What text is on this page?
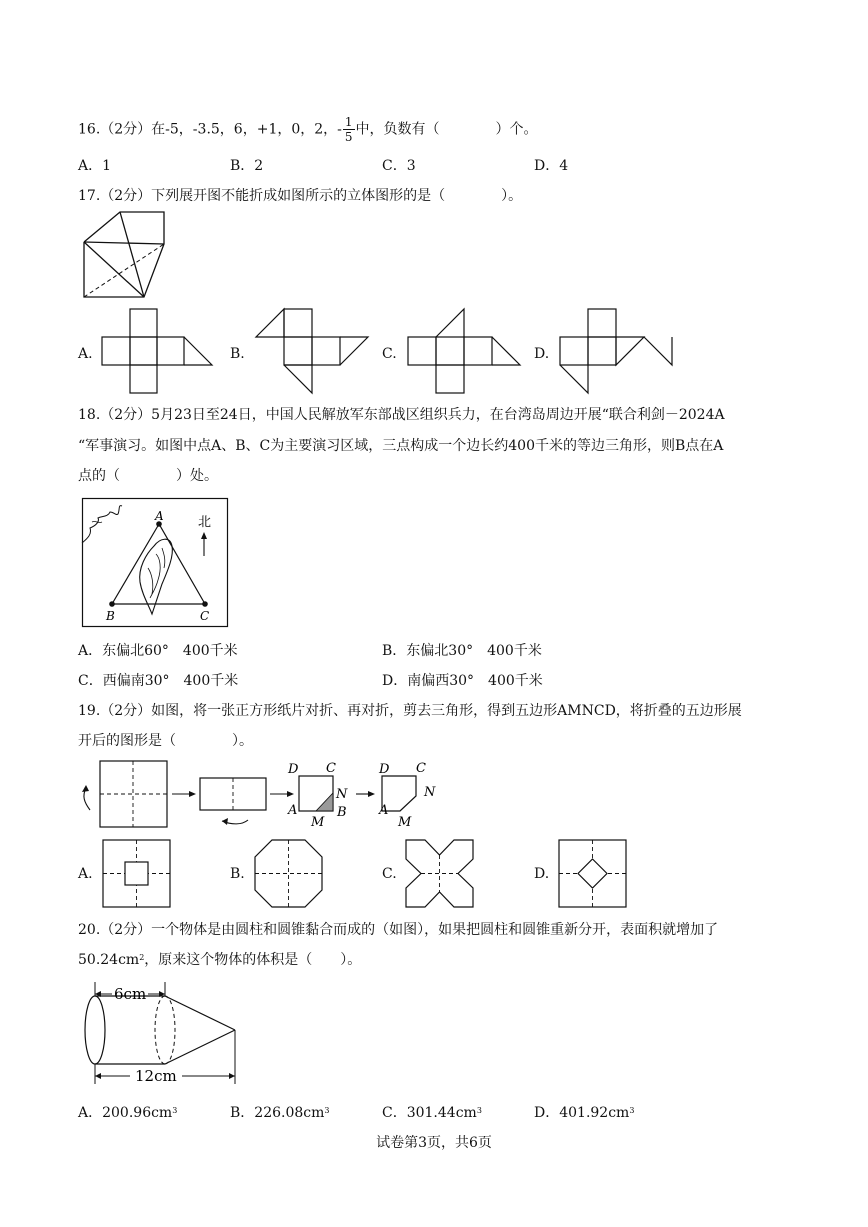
16.（2分）在-5，-3.5，6，+1，0，2，- $\frac{1}{5}$ 中，负数有（　　　　）个。
A．1	B．2	C．3	D．4
17.（2分）下列展开图不能折成如图所示的立体图形的是（　　　　）。
A.	B.	C.	D.
18.（2分）5月23日至24日，中国人民解放军东部战区组织兵力，在台湾岛周边开展“联合利剑－2024A
“军事演习。如图中点A、B、C为主要演习区域，三点构成一个边长约400千米的等边三角形，则B点在A
点的（　　　　）处。
A
B	C
北
A．东偏北60°　400千米	B．东偏北30°　400千米
C．西偏南30°　400千米	D．南偏西30°　400千米
19.（2分）如图，将一张正方形纸片对折、再对折，剪去三角形，得到五边形AMNCD，将折叠的五边形展
开后的图形是（　　　　）。
D C
N
A
M
B
D C
N
A
M
A.	B.	C.	D.
20.（2分）一个物体是由圆柱和圆锥黏合而成的（如图），如果把圆柱和圆锥重新分开，表面积就增加了
$50.24cm^2$，原来这个物体的体积是（　　）。
6cm
12cm
A．$200.96cm^3$	B．$226.08cm^3$	C．$301.44cm^3$	D．$401.92cm^3$
试卷第3页，共6页
